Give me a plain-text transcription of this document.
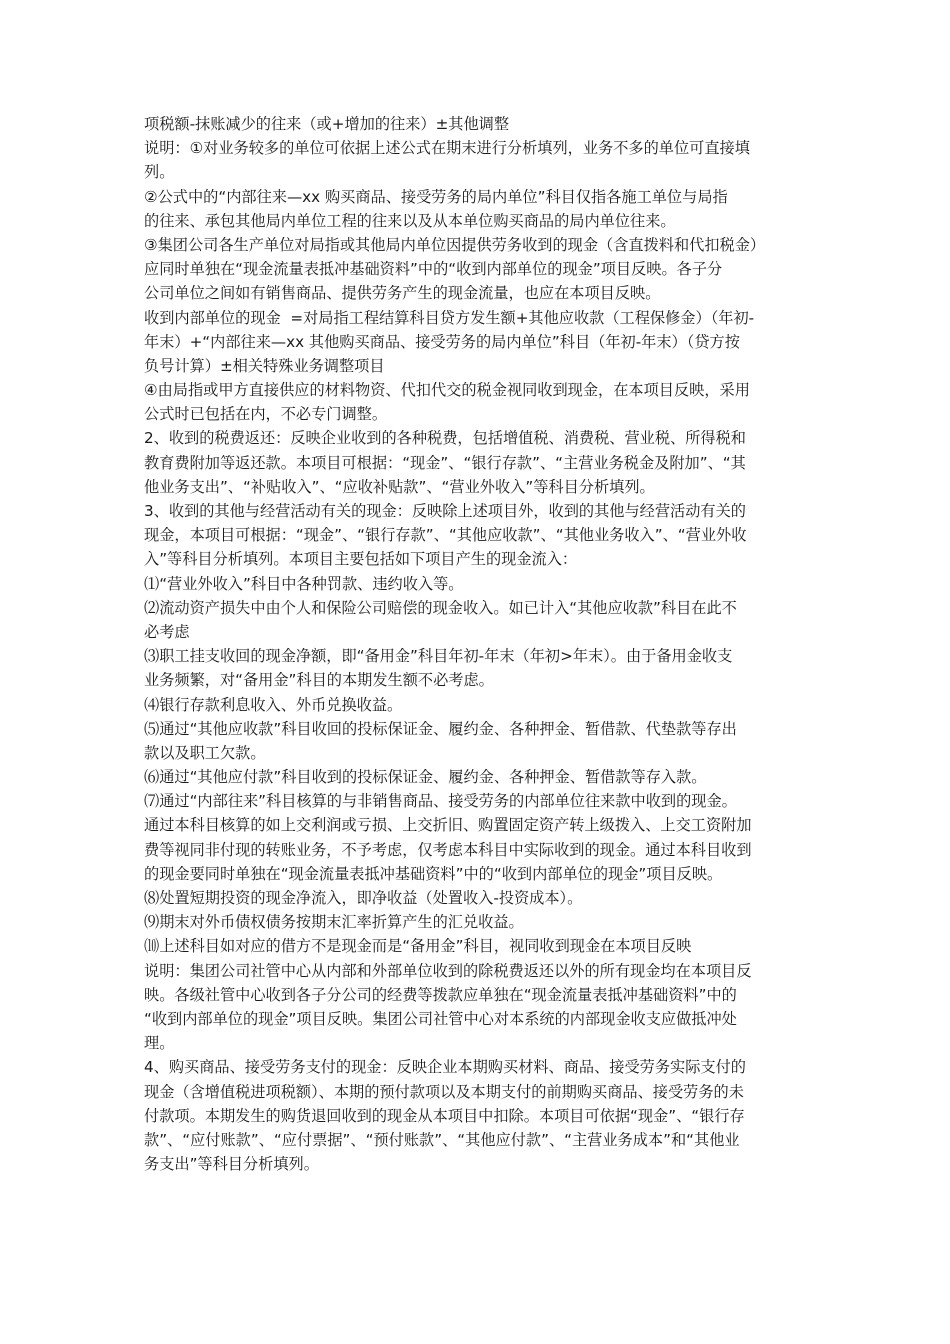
项税额-抹账减少的往来（或+增加的往来）±其他调整
说明：①对业务较多的单位可依据上述公式在期末进行分析填列，业务不多的单位可直接填
列。
②公式中的“内部往来—xx 购买商品、接受劳务的局内单位”科目仅指各施工单位与局指
的往来、承包其他局内单位工程的往来以及从本单位购买商品的局内单位往来。
③集团公司各生产单位对局指或其他局内单位因提供劳务收到的现金（含直拨料和代扣税金）
应同时单独在“现金流量表抵冲基础资料”中的“收到内部单位的现金”项目反映。各子分
公司单位之间如有销售商品、提供劳务产生的现金流量，也应在本项目反映。
收到内部单位的现金  =对局指工程结算科目贷方发生额+其他应收款（工程保修金）（年初-
年末）+“内部往来—xx 其他购买商品、接受劳务的局内单位”科目（年初-年末）（贷方按
负号计算）±相关特殊业务调整项目
④由局指或甲方直接供应的材料物资、代扣代交的税金视同收到现金，在本项目反映，采用
公式时已包括在内，不必专门调整。
2、收到的税费返还：反映企业收到的各种税费，包括增值税、消费税、营业税、所得税和
教育费附加等返还款。本项目可根据：“现金”、“银行存款”、“主营业务税金及附加”、“其
他业务支出”、“补贴收入”、“应收补贴款”、“营业外收入”等科目分析填列。
3、收到的其他与经营活动有关的现金：反映除上述项目外，收到的其他与经营活动有关的
现金，本项目可根据：“现金”、“银行存款”、“其他应收款”、“其他业务收入”、“营业外收
入”等科目分析填列。本项目主要包括如下项目产生的现金流入：
⑴“营业外收入”科目中各种罚款、违约收入等。
⑵流动资产损失中由个人和保险公司赔偿的现金收入。如已计入“其他应收款”科目在此不
必考虑
⑶职工挂支收回的现金净额，即“备用金”科目年初-年末（年初>年末）。由于备用金收支
业务频繁，对“备用金”科目的本期发生额不必考虑。
⑷银行存款利息收入、外币兑换收益。
⑸通过“其他应收款”科目收回的投标保证金、履约金、各种押金、暂借款、代垫款等存出
款以及职工欠款。
⑹通过“其他应付款”科目收到的投标保证金、履约金、各种押金、暂借款等存入款。
⑺通过“内部往来”科目核算的与非销售商品、接受劳务的内部单位往来款中收到的现金。
通过本科目核算的如上交利润或亏损、上交折旧、购置固定资产转上级拨入、上交工资附加
费等视同非付现的转账业务，不予考虑，仅考虑本科目中实际收到的现金。通过本科目收到
的现金要同时单独在“现金流量表抵冲基础资料”中的“收到内部单位的现金”项目反映。
⑻处置短期投资的现金净流入，即净收益（处置收入-投资成本）。
⑼期末对外币债权债务按期末汇率折算产生的汇兑收益。
⑽上述科目如对应的借方不是现金而是“备用金”科目，视同收到现金在本项目反映
说明：集团公司社管中心从内部和外部单位收到的除税费返还以外的所有现金均在本项目反
映。各级社管中心收到各子分公司的经费等拨款应单独在“现金流量表抵冲基础资料”中的
“收到内部单位的现金”项目反映。集团公司社管中心对本系统的内部现金收支应做抵冲处
理。
4、购买商品、接受劳务支付的现金：反映企业本期购买材料、商品、接受劳务实际支付的
现金（含增值税进项税额）、本期的预付款项以及本期支付的前期购买商品、接受劳务的未
付款项。本期发生的购货退回收到的现金从本项目中扣除。本项目可依据“现金”、“银行存
款”、“应付账款”、“应付票据”、“预付账款”、“其他应付款”、“主营业务成本”和“其他业
务支出”等科目分析填列。
